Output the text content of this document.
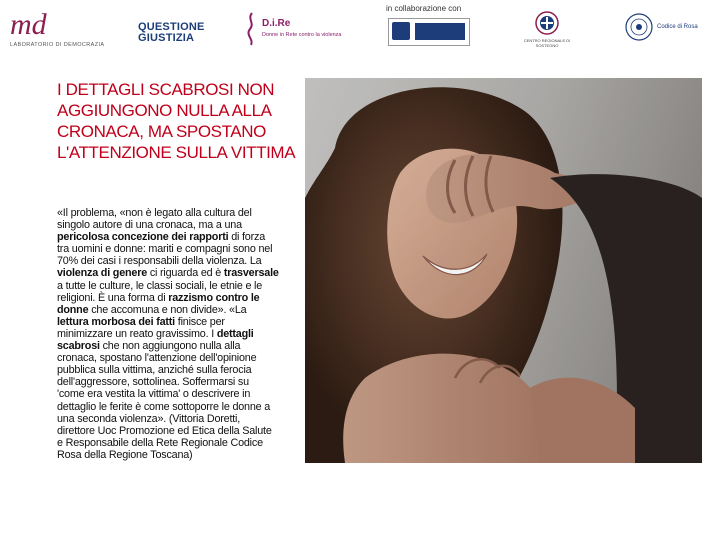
md
LABORATORIO DI DEMOCRAZIA
QUESTIONE
GIUSTIZIA
D.i.Re
Donne in Rete contro la violenza
in collaborazione con
CENTRO REGIONALE DI SOSTEGNO
Codice di Rosa
I DETTAGLI SCABROSI NON AGGIUNGONO NULLA ALLA CRONACA, MA SPOSTANO L'ATTENZIONE SULLA VITTIMA

«Il problema, «non è legato alla cultura del singolo autore di una cronaca, ma a una pericolosa concezione dei rapporti di forza tra uomini e donne: mariti e compagni sono nel 70% dei casi i responsabili della violenza. La violenza di genere ci riguarda ed è trasversale a tutte le culture, le classi sociali, le etnie e le religioni. È una forma di razzismo contro le donne che accomuna e non divide». «La lettura morbosa dei fatti finisce per minimizzare un reato gravissimo. I dettagli scabrosi che non aggiungono nulla alla cronaca, spostano l'attenzione dell'opinione pubblica sulla vittima, anziché sulla ferocia dell'aggressore, sottolinea. Soffermarsi su 'come era vestita la vittima' o descrivere in dettaglio le ferite è come sottoporre le donne a una seconda violenza». (Vittoria Doretti, direttore Uoc Promozione ed Etica della Salute e Responsabile della Rete Regionale Codice Rosa della Regione Toscana)
